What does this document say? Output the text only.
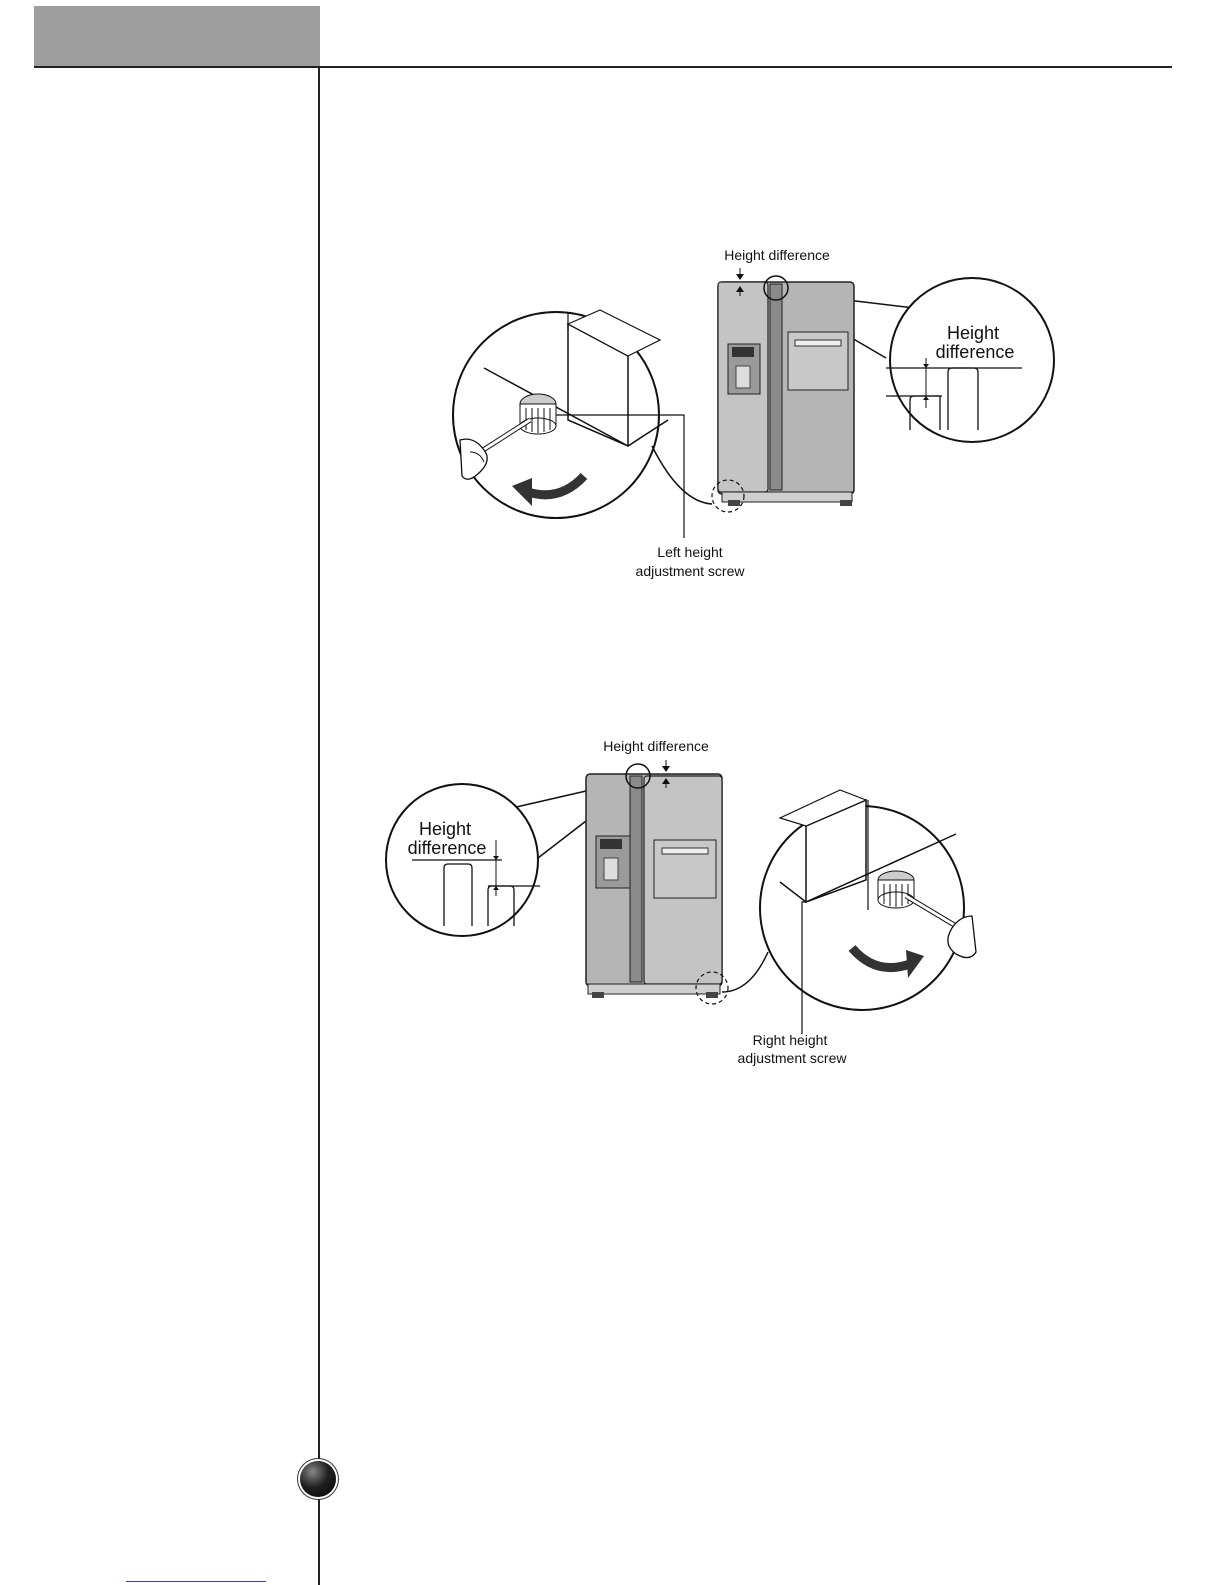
Height difference
Height
difference
Left height
adjustment screw
Height difference
Height
difference
Right height
adjustment screw
